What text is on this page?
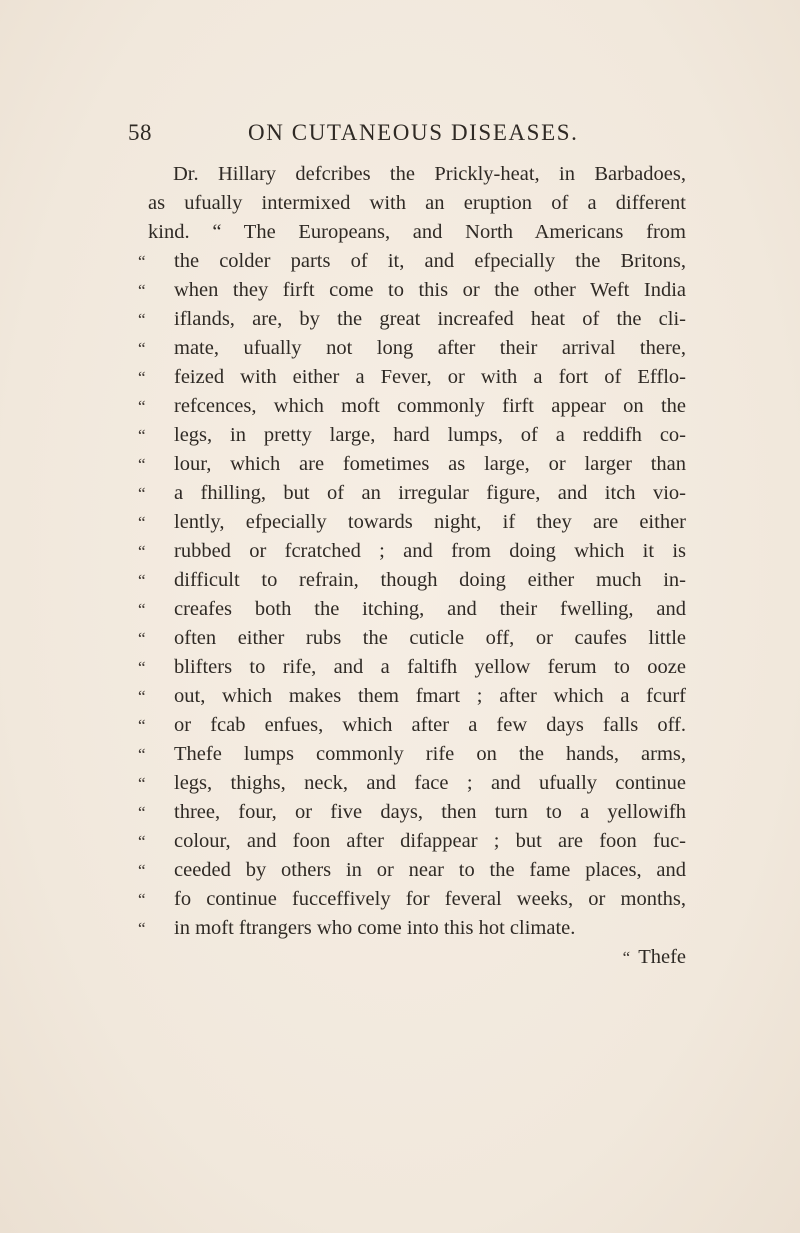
58	ON CUTANEOUS DISEASES.
Dr. Hillary defcribes the Prickly-heat, in Barbadoes,
as ufually intermixed with an eruption of a different
kind. “ The Europeans, and North Americans from
“	the colder parts of it, and efpecially the Britons,
“	when they firft come to this or the other Weft India
“	iflands, are, by the great increafed heat of the cli-
“	mate, ufually not long after their arrival there,
“	feized with either a Fever, or with a fort of Efflo-
“	refcences, which moft commonly firft appear on the
“	legs, in pretty large, hard lumps, of a reddifh co-
“	lour, which are fometimes as large, or larger than
“	a fhilling, but of an irregular figure, and itch vio-
“	lently, efpecially towards night, if they are either
“	rubbed or fcratched ; and from doing which it is
“	difficult to refrain, though doing either much in-
“	creafes both the itching, and their fwelling, and
“	often either rubs the cuticle off, or caufes little
“	blifters to rife, and a faltifh yellow ferum to ooze
“	out, which makes them fmart ; after which a fcurf
“	or fcab enfues, which after a few days falls off.
“	Thefe lumps commonly rife on the hands, arms,
“	legs, thighs, neck, and face ; and ufually continue
“	three, four, or five days, then turn to a yellowifh
“	colour, and foon after difappear ; but are foon fuc-
“	ceeded by others in or near to the fame places, and
“	fo continue fucceffively for feveral weeks, or months,
“	in moft ftrangers who come into this hot climate.
“ Thefe
